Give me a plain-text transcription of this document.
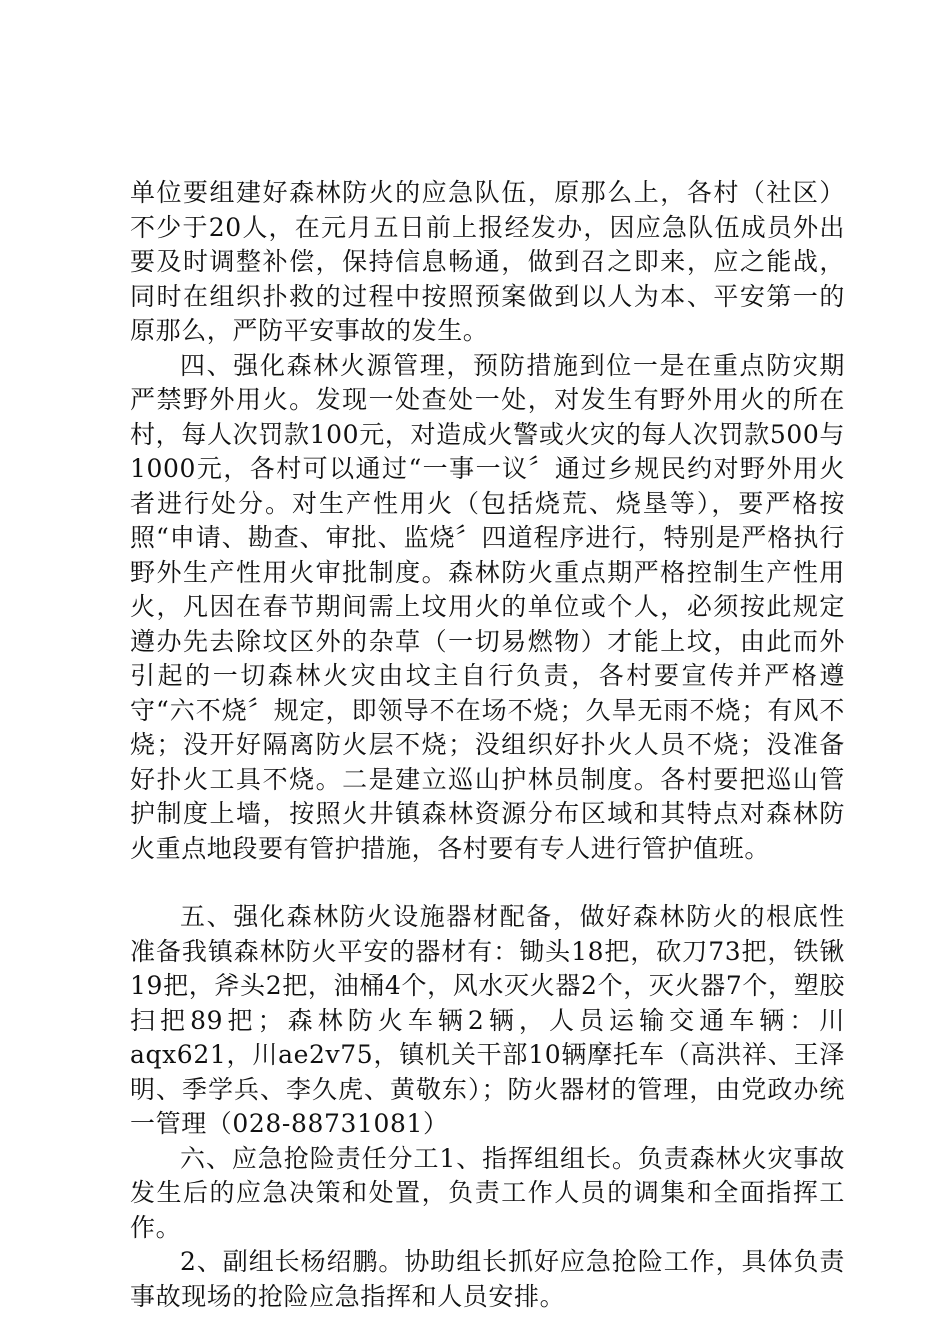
单位要组建好森林防火的应急队伍，原那么上，各村（社区）不少于20人，在元月五日前上报经发办，因应急队伍成员外出要及时调整补偿，保持信息畅通，做到召之即来，应之能战，同时在组织扑救的过程中按照预案做到以人为本、平安第一的原那么，严防平安事故的发生。

四、强化森林火源管理，预防措施到位一是在重点防灾期严禁野外用火。发现一处查处一处，对发生有野外用火的所在村，每人次罚款100元，对造成火警或火灾的每人次罚款500与1000元，各村可以通过“一事一议〞通过乡规民约对野外用火者进行处分。对生产性用火（包括烧荒、烧垦等），要严格按照“申请、勘查、审批、监烧〞四道程序进行，特别是严格执行野外生产性用火审批制度。森林防火重点期严格控制生产性用火，凡因在春节期间需上坟用火的单位或个人，必须按此规定遵办先去除坟区外的杂草（一切易燃物）才能上坟，由此而外引起的一切森林火灾由坟主自行负责，各村要宣传并严格遵守“六不烧〞规定，即领导不在场不烧；久旱无雨不烧；有风不烧；没开好隔离防火层不烧；没组织好扑火人员不烧；没准备好扑火工具不烧。二是建立巡山护林员制度。各村要把巡山管护制度上墙，按照火井镇森林资源分布区域和其特点对森林防火重点地段要有管护措施，各村要有专人进行管护值班。

五、强化森林防火设施器材配备，做好森林防火的根底性准备我镇森林防火平安的器材有：锄头18把，砍刀73把，铁锹19把，斧头2把，油桶4个，风水灭火器2个，灭火器7个，塑胶扫把89把；森林防火车辆2辆，人员运输交通车辆：川aqx621，川ae2v75，镇机关干部10辆摩托车（高洪祥、王泽明、季学兵、李久虎、黄敬东）；防火器材的管理，由党政办统一管理（028-88731081）

六、应急抢险责任分工1、指挥组组长。负责森林火灾事故发生后的应急决策和处置，负责工作人员的调集和全面指挥工作。

2、副组长杨绍鹏。协助组长抓好应急抢险工作，具体负责事故现场的抢险应急指挥和人员安排。
